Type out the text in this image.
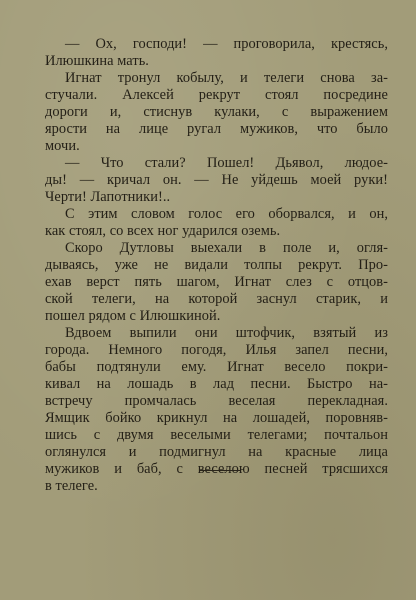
— Ох, господи! — проговорила, крестясь,
Илюшкина мать.
Игнат тронул кобылу, и телеги снова за-
стучали. Алексей рекрут стоял посредине
дороги и, стиснув кулаки, с выражением
ярости на лице ругал мужиков, что было
мочи.
— Что стали? Пошел! Дьявол, людое-
ды! — кричал он. — Не уйдешь моей руки!
Черти! Лапотники!..
С этим словом голос его оборвался, и он,
как стоял, со всех ног ударился оземь.
Скоро Дутловы выехали в поле и, огля-
дываясь, уже не видали толпы рекрут. Про-
ехав верст пять шагом, Игнат слез с отцов-
ской телеги, на которой заснул старик, и
пошел рядом с Илюшкиной.
Вдвоем выпили они штофчик, взятый из
города. Немного погодя, Илья запел песни,
бабы подтянули ему. Игнат весело покри-
кивал на лошадь в лад песни. Быстро на-
встречу промчалась веселая перекладная.
Ямщик бойко крикнул на лошадей, поровняв-
шись с двумя веселыми телегами; почтальон
оглянулся и подмигнул на красные лица
мужиков и баб, с веселою песней трясшихся
в телеге.
